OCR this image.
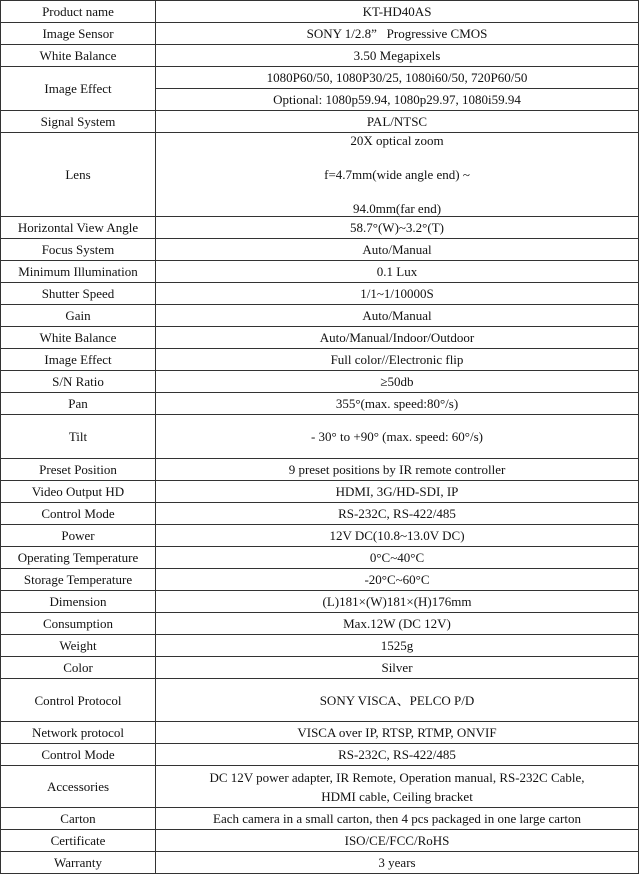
Product name	KT-HD40AS
Image Sensor	SONY 1/2.8”   Progressive CMOS
White Balance	3.50 Megapixels
Image Effect	1080P60/50, 1080P30/25, 1080i60/50, 720P60/50
	Optional: 1080p59.94, 1080p29.97, 1080i59.94
Signal System	PAL/NTSC
Lens	20X optical zoom
f=4.7mm(wide angle end) ~
94.0mm(far end)

Horizontal View Angle	58.7°(W)~3.2°(T)
Focus System	Auto/Manual
Minimum Illumination	0.1 Lux
Shutter Speed	1/1~1/10000S
Gain	Auto/Manual
White Balance	Auto/Manual/Indoor/Outdoor
Image Effect	Full color//Electronic flip
S/N Ratio	≥50db
Pan	355°(max. speed:80°/s)
Tilt	- 30° to +90° (max. speed: 60°/s)
Preset Position	9 preset positions by IR remote controller
Video Output HD	HDMI, 3G/HD-SDI, IP
Control Mode	RS-232C, RS-422/485
Power	12V DC(10.8~13.0V DC)
Operating Temperature	0°C~40°C
Storage Temperature	-20°C~60°C
Dimension	(L)181×(W)181×(H)176mm
Consumption	Max.12W (DC 12V)
Weight	1525g
Color	Silver
Control Protocol	SONY VISCA、PELCO P/D
Network protocol	VISCA over IP, RTSP, RTMP, ONVIF
Control Mode	RS-232C, RS-422/485
Accessories	DC 12V power adapter, IR Remote, Operation manual, RS-232C Cable,
HDMI cable, Ceiling bracket

Carton	Each camera in a small carton, then 4 pcs packaged in one large carton
Certificate	ISO/CE/FCC/RoHS
Warranty	3 years
